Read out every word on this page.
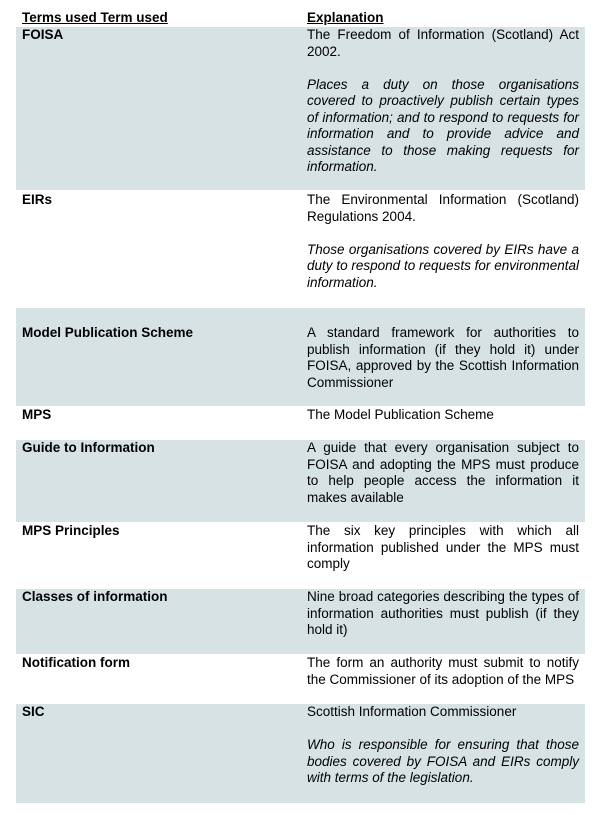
Terms used Term used	Explanation
FOISA	The Freedom of Information (Scotland) Act 2002.

Places a duty on those organisations covered to proactively publish certain types of information; and to respond to requests for information and to provide advice and assistance to those making requests for information.

EIRs	The Environmental Information (Scotland) Regulations 2004.

Those organisations covered by EIRs have a duty to respond to requests for environmental information.

Model Publication Scheme	A standard framework for authorities to publish information (if they hold it) under FOISA, approved by the Scottish Information Commissioner

MPS	The Model Publication Scheme

Guide to Information	A guide that every organisation subject to FOISA and adopting the MPS must produce to help people access the information it makes available

MPS Principles	The six key principles with which all information published under the MPS must comply

Classes of information	Nine broad categories describing the types of information authorities must publish (if they hold it)

Notification form	The form an authority must submit to notify the Commissioner of its adoption of the MPS

SIC	Scottish Information Commissioner

Who is responsible for ensuring that those bodies covered by FOISA and EIRs comply with terms of the legislation.
